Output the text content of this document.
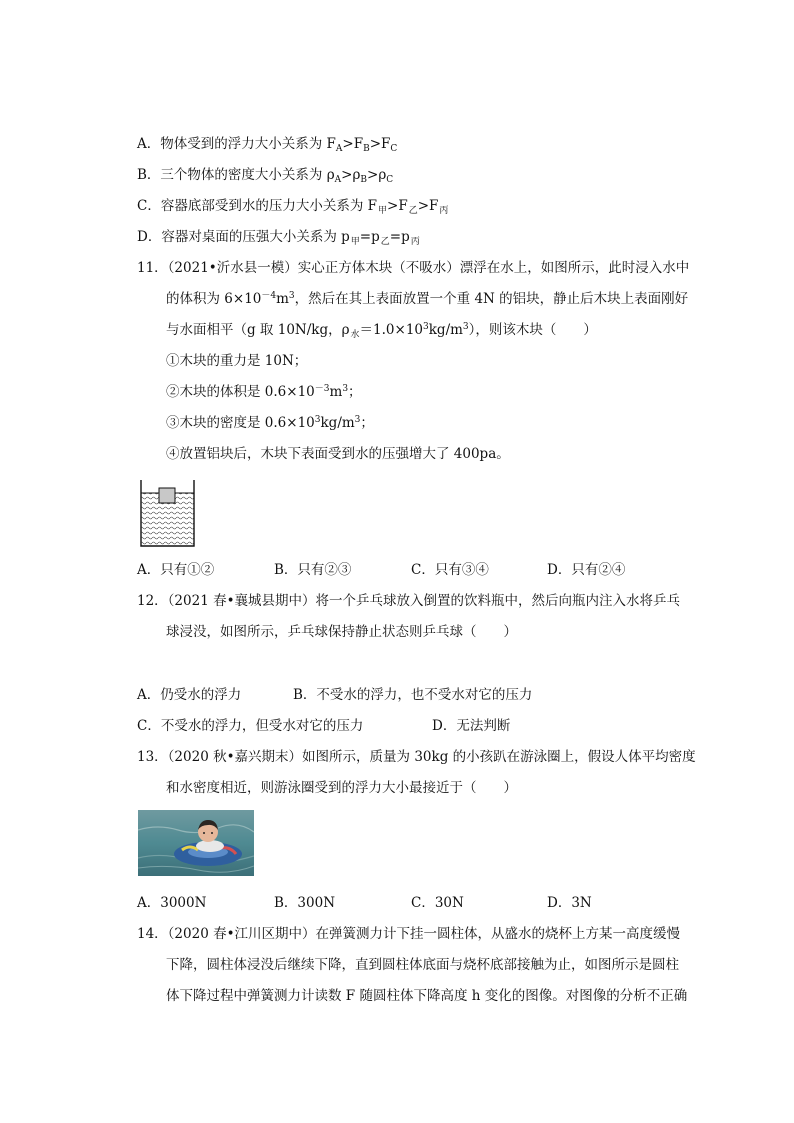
A．物体受到的浮力大小关系为 $F_A>F_B>F_C$
B．三个物体的密度大小关系为 $\rho_A>\rho_B>\rho_C$
C．容器底部受到水的压力大小关系为 $F_甲>F_乙>F_丙$
D．容器对桌面的压强大小关系为 $p_甲=p_乙=p_丙$
11．（2021•沂水县一模）实心正方体木块（不吸水）漂浮在水上，如图所示，此时浸入水中
的体积为 $6\times 10^{-4}m^3$，然后在其上表面放置一个重 4N 的铝块，静止后木块上表面刚好
与水面相平（g 取 10N/kg，$\rho_水=1.0\times 10^3kg/m^3$），则该木块（　　）
①木块的重力是 10N；
②木块的体积是 $0.6\times 10^{-3}m^3$；
③木块的密度是 $0.6\times 10^3kg/m^3$；
④放置铝块后，木块下表面受到水的压强增大了 400pa。
A．只有①②	B．只有②③	C．只有③④	D．只有②④
12．（2021 春•襄城县期中）将一个乒乓球放入倒置的饮料瓶中，然后向瓶内注入水将乒乓
球浸没，如图所示，乒乓球保持静止状态则乒乓球（　　）
A．仍受水的浮力	B．不受水的浮力，也不受水对它的压力
C．不受水的浮力，但受水对它的压力	D．无法判断
13．（2020 秋•嘉兴期末）如图所示，质量为 30kg 的小孩趴在游泳圈上，假设人体平均密度
和水密度相近，则游泳圈受到的浮力大小最接近于（　　）
A．3000N	B．300N	C．30N	D．3N
14．（2020 春•江川区期中）在弹簧测力计下挂一圆柱体，从盛水的烧杯上方某一高度缓慢
下降，圆柱体浸没后继续下降，直到圆柱体底面与烧杯底部接触为止，如图所示是圆柱
体下降过程中弹簧测力计读数 F 随圆柱体下降高度 h 变化的图像。对图像的分析不正确
